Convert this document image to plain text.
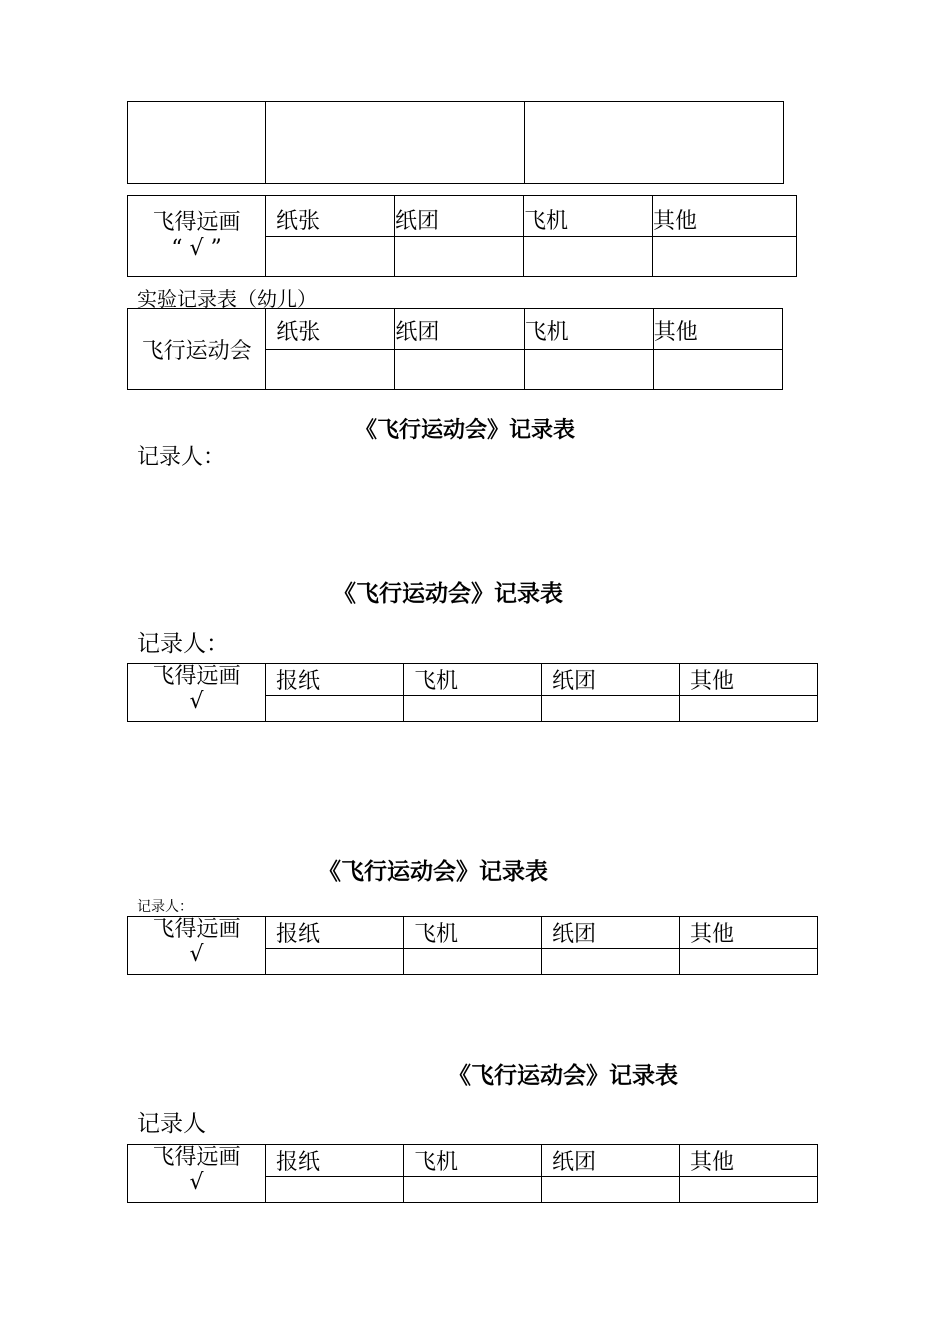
飞得远画
“ √ ”	纸张	纸团	飞机	其他

实验记录表（幼儿）
飞行运动会	纸张	纸团	飞机	其他

《飞行运动会》记录表
记录人：
《飞行运动会》记录表
记录人：
飞得远画
√	报纸	飞机	纸团	其他

《飞行运动会》记录表
记录人：
飞得远画
√	报纸	飞机	纸团	其他

《飞行运动会》记录表
记录人
飞得远画
√	报纸	飞机	纸团	其他
